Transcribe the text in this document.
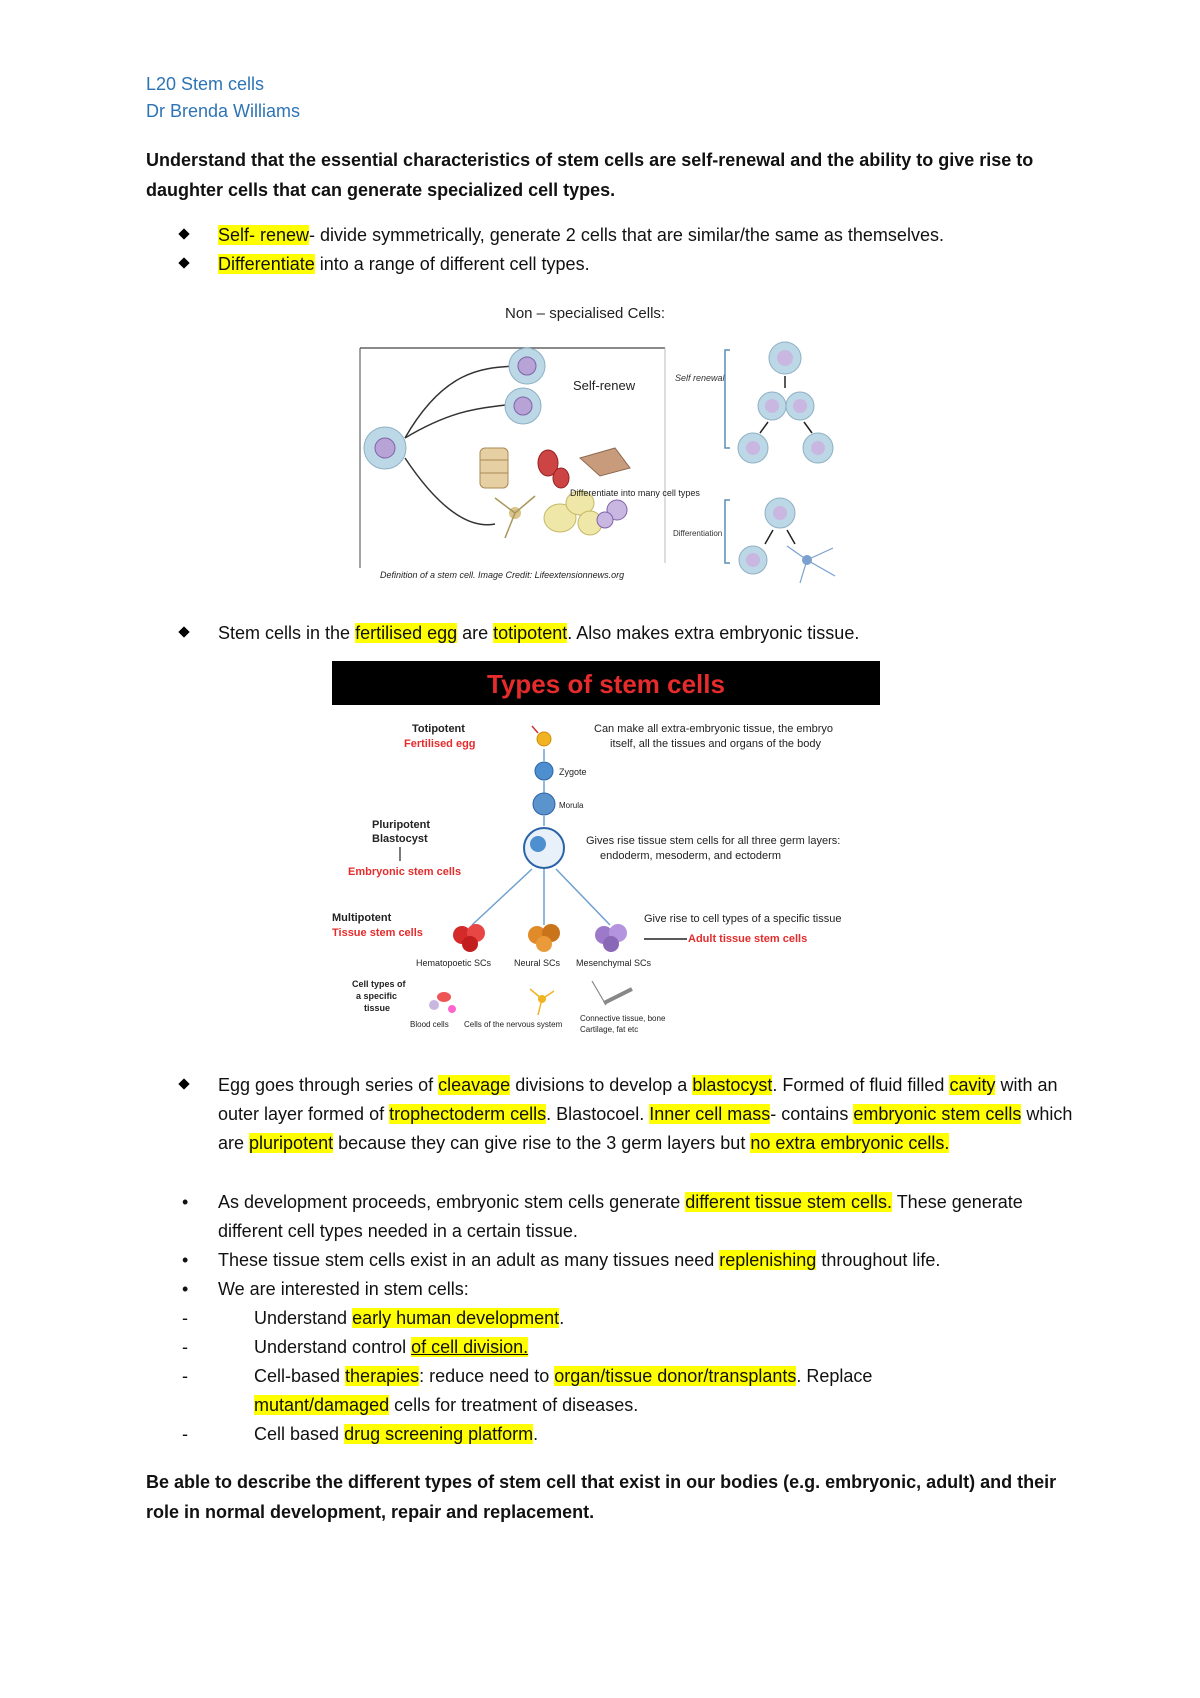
L20 Stem cells
Dr Brenda Williams
Understand that the essential characteristics of stem cells are self-renewal and the ability to give rise to daughter cells that can generate specialized cell types.
Self- renew- divide symmetrically, generate 2 cells that are similar/the same as themselves.
Differentiate into a range of different cell types.
Non – specialised Cells:
Self-renew
Differentiate into many cell types
Definition of a stem cell. Image Credit: Lifeextensionnews.org
Self renewal
Differentiation
Stem cells in the fertilised egg are totipotent. Also makes extra embryonic tissue.
Types of stem cells
Totipotent
Fertilised egg
Can make all extra-embryonic tissue, the embryo
itself, all the tissues and organs of the body
Zygote
Morula
Pluripotent
Blastocyst
Embryonic stem cells
Gives rise tissue stem cells for all three germ layers:
endoderm, mesoderm, and ectoderm
Multipotent
Tissue stem cells
Give rise to cell types of a specific tissue
Adult tissue stem cells
Hematopoetic SCs	Neural SCs Mesenchymal SCs
Cell types of
a specific
tissue
Blood cells Cells of the nervous system
Connective tissue, bone
Cartilage, fat etc
Egg goes through series of cleavage divisions to develop a blastocyst. Formed of fluid filled cavity with an outer layer formed of trophectoderm cells. Blastocoel. Inner cell mass- contains embryonic stem cells which are pluripotent because they can give rise to the 3 germ layers but no extra embryonic cells.
• As development proceeds, embryonic stem cells generate different tissue stem cells. These generate different cell types needed in a certain tissue.
• These tissue stem cells exist in an adult as many tissues need replenishing throughout life.
• We are interested in stem cells:
-	Understand early human development.
-	Understand control of cell division.
-	Cell-based therapies: reduce need to organ/tissue donor/transplants. Replace mutant/damaged cells for treatment of diseases.
-	Cell based drug screening platform.
Be able to describe the different types of stem cell that exist in our bodies (e.g. embryonic, adult) and their role in normal development, repair and replacement.
